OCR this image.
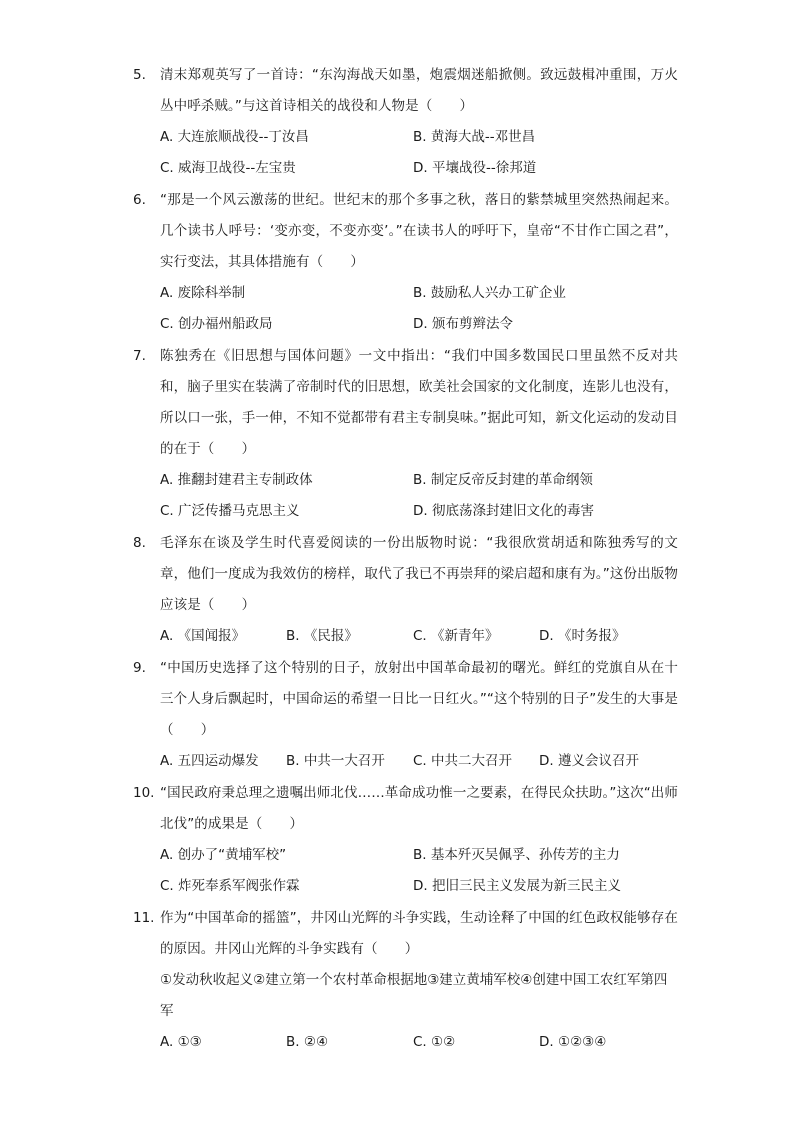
5.	清末郑观英写了一首诗：“东沟海战天如墨，炮震烟迷船掀侧。致远鼓楫冲重围，万火丛中呼杀贼。”与这首诗相关的战役和人物是（　　）
A. 大连旅顺战役--丁汝昌	B. 黄海大战--邓世昌
C. 威海卫战役--左宝贵	D. 平壤战役--徐邦道
6.	“那是一个风云激荡的世纪。世纪末的那个多事之秋，落日的紫禁城里突然热闹起来。几个读书人呼号：‘变亦变，不变亦变’。”在读书人的呼吁下，皇帝“不甘作亡国之君”，实行变法，其具体措施有（　　）
A. 废除科举制	B. 鼓励私人兴办工矿企业
C. 创办福州船政局	D. 颁布剪辫法令
7.	陈独秀在《旧思想与国体问题》一文中指出：“我们中国多数国民口里虽然不反对共和，脑子里实在装满了帝制时代的旧思想，欧美社会国家的文化制度，连影儿也没有，所以口一张，手一伸，不知不觉都带有君主专制臭味。”据此可知，新文化运动的发动目的在于（　　）
A. 推翻封建君主专制政体	B. 制定反帝反封建的革命纲领
C. 广泛传播马克思主义	D. 彻底荡涤封建旧文化的毒害
8.	毛泽东在谈及学生时代喜爱阅读的一份出版物时说：“我很欣赏胡适和陈独秀写的文章，他们一度成为我效仿的榜样，取代了我已不再崇拜的梁启超和康有为。”这份出版物应该是（　　）
A. 《国闻报》	B. 《民报》	C. 《新青年》	D. 《时务报》
9.	“中国历史选择了这个特别的日子，放射出中国革命最初的曙光。鲜红的党旗自从在十三个人身后飘起时，中国命运的希望一日比一日红火。”“这个特别的日子”发生的大事是（　　）
A. 五四运动爆发 B. 中共一大召开 C. 中共二大召开 D. 遵义会议召开
10. “国民政府秉总理之遗嘱出师北伐……革命成功惟一之要素，在得民众扶助。”这次“出师北伐”的成果是（　　）
A. 创办了“黄埔军校”	B. 基本歼灭吴佩孚、孙传芳的主力
C. 炸死奉系军阀张作霖	D. 把旧三民主义发展为新三民主义
11. 作为“中国革命的摇篮”，井冈山光辉的斗争实践，生动诠释了中国的红色政权能够存在的原因。井冈山光辉的斗争实践有（　　）
①发动秋收起义②建立第一个农村革命根据地③建立黄埔军校④创建中国工农红军第四军
A. ①③	B. ②④	C. ①②	D. ①②③④
